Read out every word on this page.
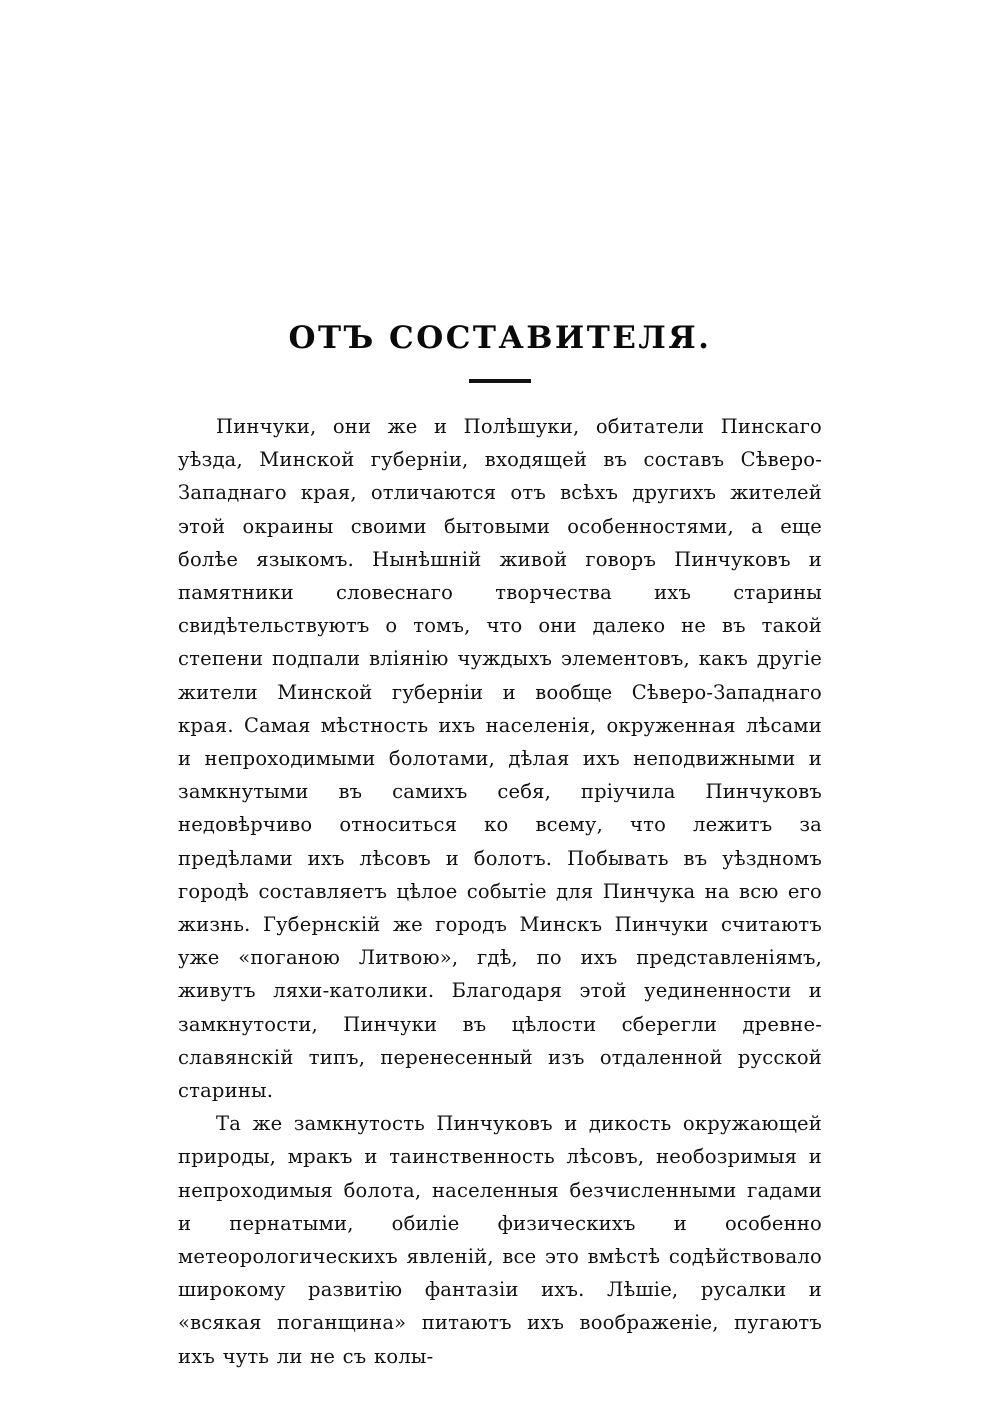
ОТЪ СОСТАВИТЕЛЯ.

Пинчуки, они же и Полѣшуки, обитатели Пинскаго уѣзда, Минской губерніи, входящей въ составъ Сѣверо-Западнаго края, отличаются отъ всѣхъ другихъ жителей этой окраины своими бытовыми особенностями, а еще болѣе языкомъ. Нынѣшній живой говоръ Пинчуковъ и памятники словеснаго творчества ихъ старины свидѣтельствуютъ о томъ, что они далеко не въ такой степени подпали вліянію чуждыхъ элементовъ, какъ другіе жители Минской губерніи и вообще Сѣверо-Западнаго края. Самая мѣстность ихъ населенія, окруженная лѣсами и непроходимыми болотами, дѣлая ихъ неподвижными и замкнутыми въ самихъ себя, пріучила Пинчуковъ недовѣрчиво относиться ко всему, что лежитъ за предѣлами ихъ лѣсовъ и болотъ. Побывать въ уѣздномъ городѣ составляетъ цѣлое событіе для Пинчука на всю его жизнь. Губернскій же городъ Минскъ Пинчуки считаютъ уже «поганою Литвою», гдѣ, по ихъ представленіямъ, живутъ ляхи-католики. Благодаря этой уединенности и замкнутости, Пинчуки въ цѣлости сберегли древне-славянскій типъ, перенесенный изъ отдаленной русской старины.

Та же замкнутость Пинчуковъ и дикость окружающей природы, мракъ и таинственность лѣсовъ, необозримыя и непроходимыя болота, населенныя безчисленными гадами и пернатыми, обиліе физическихъ и особенно метеорологическихъ явленій, все это вмѣстѣ содѣйствовало широкому развитію фантазіи ихъ. Лѣшіе, русалки и «всякая поганщина» питаютъ ихъ воображеніе, пугаютъ ихъ чуть ли не съ колы-
